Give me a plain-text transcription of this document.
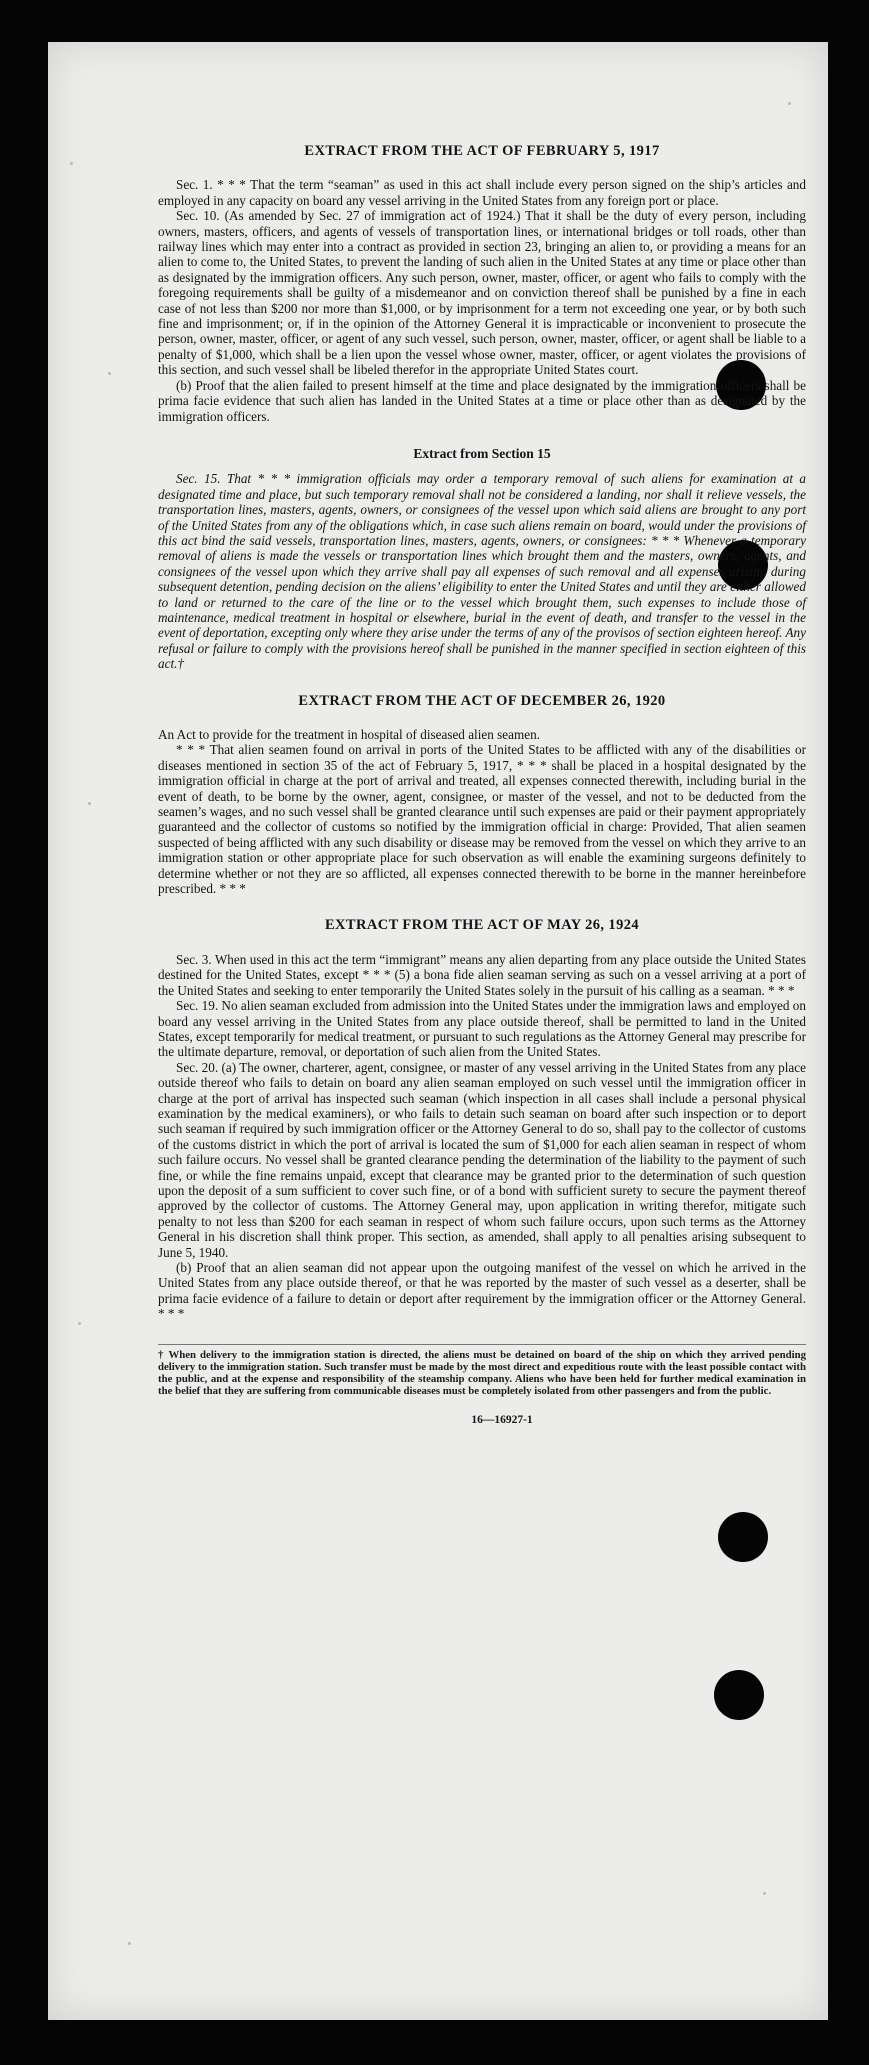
EXTRACT FROM THE ACT OF FEBRUARY 5, 1917

Sec. 1. * * * That the term “seaman” as used in this act shall include every person signed on the ship’s articles and employed in any capacity on board any vessel arriving in the United States from any foreign port or place.

Sec. 10. (As amended by Sec. 27 of immigration act of 1924.) That it shall be the duty of every person, including owners, masters, officers, and agents of vessels of transportation lines, or international bridges or toll roads, other than railway lines which may enter into a contract as provided in section 23, bringing an alien to, or providing a means for an alien to come to, the United States, to prevent the landing of such alien in the United States at any time or place other than as designated by the immigration officers. Any such person, owner, master, officer, or agent who fails to comply with the foregoing requirements shall be guilty of a misdemeanor and on conviction thereof shall be punished by a fine in each case of not less than $200 nor more than $1,000, or by imprisonment for a term not exceeding one year, or by both such fine and imprisonment; or, if in the opinion of the Attorney General it is impracticable or inconvenient to prosecute the person, owner, master, officer, or agent of any such vessel, such person, owner, master, officer, or agent shall be liable to a penalty of $1,000, which shall be a lien upon the vessel whose owner, master, officer, or agent violates the provisions of this section, and such vessel shall be libeled therefor in the appropriate United States court.

(b) Proof that the alien failed to present himself at the time and place designated by the immigration officers shall be prima facie evidence that such alien has landed in the United States at a time or place other than as designated by the immigration officers.

Extract from Section 15

Sec. 15. That * * * immigration officials may order a temporary removal of such aliens for examination at a designated time and place, but such temporary removal shall not be considered a landing, nor shall it relieve vessels, the transportation lines, masters, agents, owners, or consignees of the vessel upon which said aliens are brought to any port of the United States from any of the obligations which, in case such aliens remain on board, would under the provisions of this act bind the said vessels, transportation lines, masters, agents, owners, or consignees: * * * Whenever a temporary removal of aliens is made the vessels or transportation lines which brought them and the masters, owners, agents, and consignees of the vessel upon which they arrive shall pay all expenses of such removal and all expenses arising during subsequent detention, pending decision on the aliens’ eligibility to enter the United States and until they are either allowed to land or returned to the care of the line or to the vessel which brought them, such expenses to include those of maintenance, medical treatment in hospital or elsewhere, burial in the event of death, and transfer to the vessel in the event of deportation, excepting only where they arise under the terms of any of the provisos of section eighteen hereof. Any refusal or failure to comply with the provisions hereof shall be punished in the manner specified in section eighteen of this act.†

EXTRACT FROM THE ACT OF DECEMBER 26, 1920

An Act to provide for the treatment in hospital of diseased alien seamen.

* * * That alien seamen found on arrival in ports of the United States to be afflicted with any of the disabilities or diseases mentioned in section 35 of the act of February 5, 1917, * * * shall be placed in a hospital designated by the immigration official in charge at the port of arrival and treated, all expenses connected therewith, including burial in the event of death, to be borne by the owner, agent, consignee, or master of the vessel, and not to be deducted from the seamen’s wages, and no such vessel shall be granted clearance until such expenses are paid or their payment appropriately guaranteed and the collector of customs so notified by the immigration official in charge: Provided, That alien seamen suspected of being afflicted with any such disability or disease may be removed from the vessel on which they arrive to an immigration station or other appropriate place for such observation as will enable the examining surgeons definitely to determine whether or not they are so afflicted, all expenses connected therewith to be borne in the manner hereinbefore prescribed. * * *

EXTRACT FROM THE ACT OF MAY 26, 1924

Sec. 3. When used in this act the term “immigrant” means any alien departing from any place outside the United States destined for the United States, except * * * (5) a bona fide alien seaman serving as such on a vessel arriving at a port of the United States and seeking to enter temporarily the United States solely in the pursuit of his calling as a seaman. * * *

Sec. 19. No alien seaman excluded from admission into the United States under the immigration laws and employed on board any vessel arriving in the United States from any place outside thereof, shall be permitted to land in the United States, except temporarily for medical treatment, or pursuant to such regulations as the Attorney General may prescribe for the ultimate departure, removal, or deportation of such alien from the United States.

Sec. 20. (a) The owner, charterer, agent, consignee, or master of any vessel arriving in the United States from any place outside thereof who fails to detain on board any alien seaman employed on such vessel until the immigration officer in charge at the port of arrival has inspected such seaman (which inspection in all cases shall include a personal physical examination by the medical examiners), or who fails to detain such seaman on board after such inspection or to deport such seaman if required by such immigration officer or the Attorney General to do so, shall pay to the collector of customs of the customs district in which the port of arrival is located the sum of $1,000 for each alien seaman in respect of whom such failure occurs. No vessel shall be granted clearance pending the determination of the liability to the payment of such fine, or while the fine remains unpaid, except that clearance may be granted prior to the determination of such question upon the deposit of a sum sufficient to cover such fine, or of a bond with sufficient surety to secure the payment thereof approved by the collector of customs. The Attorney General may, upon application in writing therefor, mitigate such penalty to not less than $200 for each seaman in respect of whom such failure occurs, upon such terms as the Attorney General in his discretion shall think proper. This section, as amended, shall apply to all penalties arising subsequent to June 5, 1940.

(b) Proof that an alien seaman did not appear upon the outgoing manifest of the vessel on which he arrived in the United States from any place outside thereof, or that he was reported by the master of such vessel as a deserter, shall be prima facie evidence of a failure to detain or deport after requirement by the immigration officer or the Attorney General. * * *

† When delivery to the immigration station is directed, the aliens must be detained on board of the ship on which they arrived pending delivery to the immigration station. Such transfer must be made by the most direct and expeditious route with the least possible contact with the public, and at the expense and responsibility of the steamship company. Aliens who have been held for further medical examination in the belief that they are suffering from communicable diseases must be completely isolated from other passengers and from the public.
16—16927-1
